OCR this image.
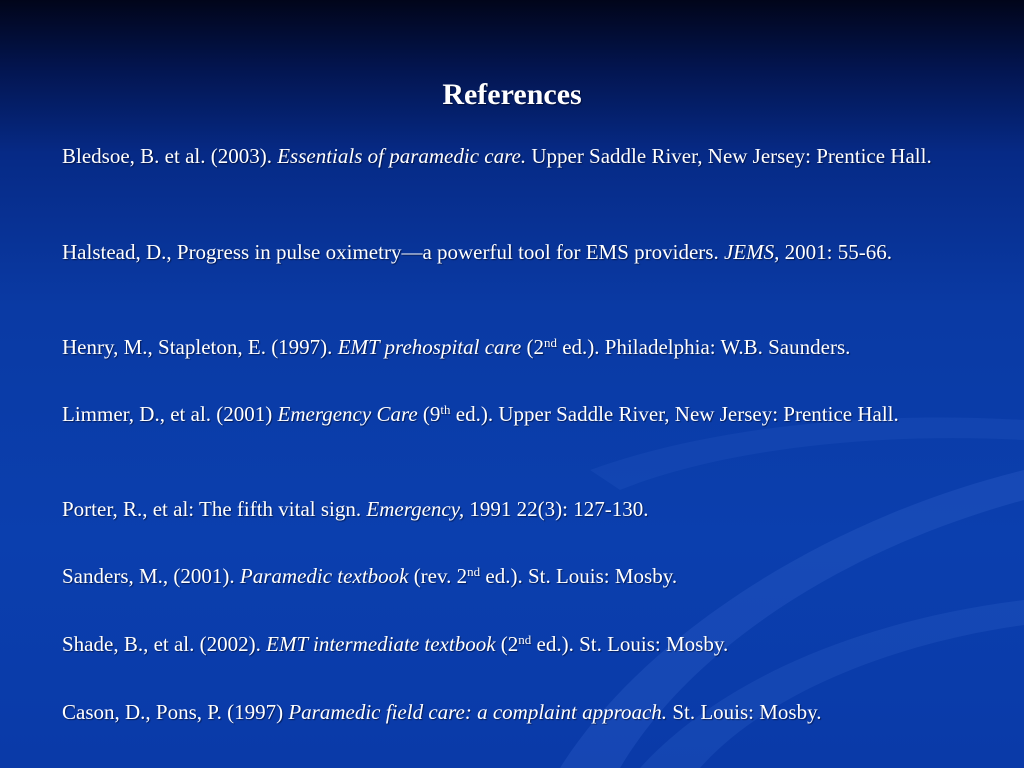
References
Bledsoe, B. et al. (2003). Essentials of paramedic care. Upper Saddle River, New Jersey: Prentice Hall.
Halstead, D., Progress in pulse oximetry—a powerful tool for EMS providers. JEMS, 2001: 55-66.
Henry, M., Stapleton, E. (1997). EMT prehospital care (2nd ed.). Philadelphia: W.B. Saunders.
Limmer, D., et al. (2001) Emergency Care (9th ed.). Upper Saddle River, New Jersey: Prentice Hall.
Porter, R., et al: The fifth vital sign. Emergency, 1991 22(3): 127-130.
Sanders, M., (2001). Paramedic textbook (rev. 2nd ed.). St. Louis: Mosby.
Shade, B., et al. (2002). EMT intermediate textbook (2nd ed.). St. Louis: Mosby.
Cason, D., Pons, P. (1997) Paramedic field care: a complaint approach. St. Louis: Mosby.
